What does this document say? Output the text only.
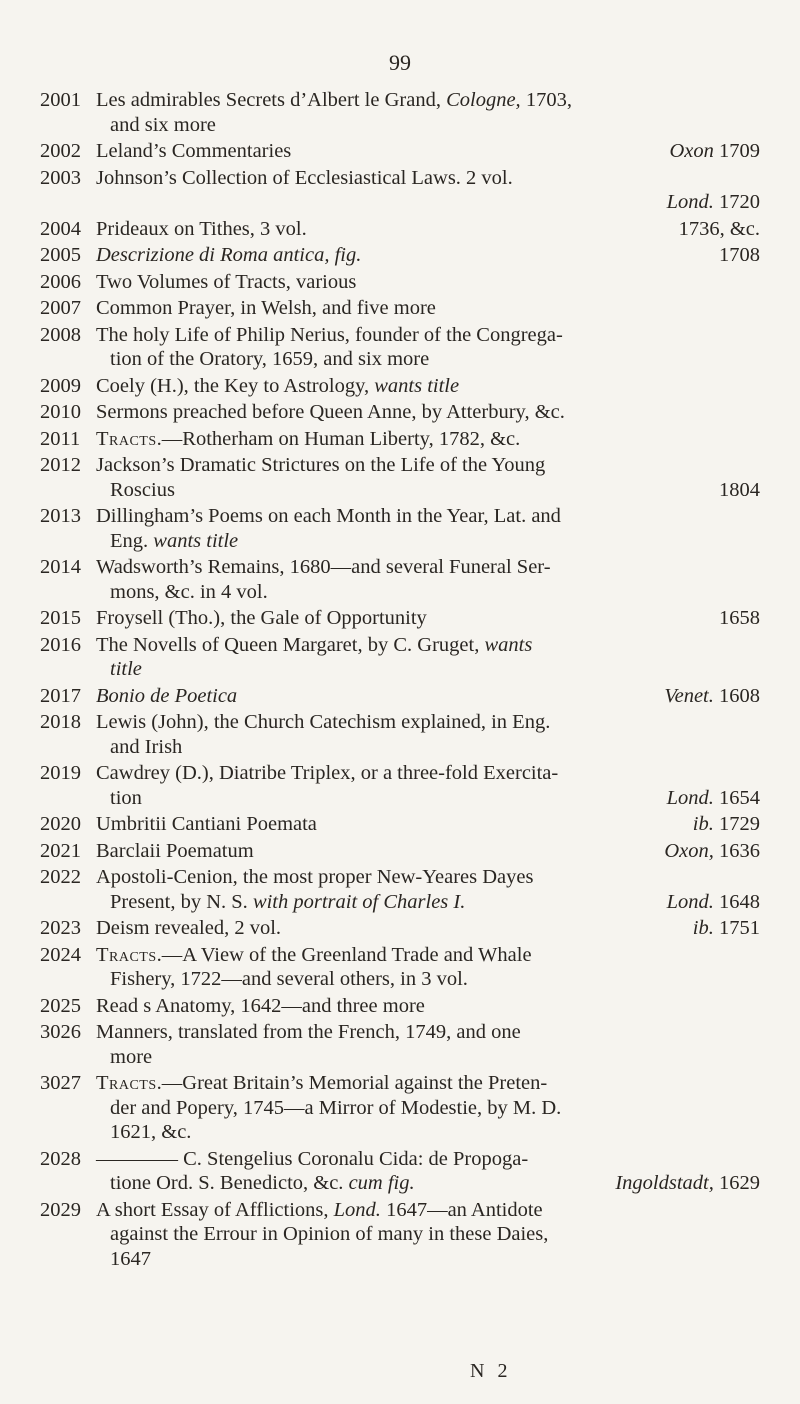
99
2001 Les admirables Secrets d’Albert le Grand, Cologne, 1703,
and six more
2002 Leland’s Commentaries	Oxon 1709
2003 Johnson’s Collection of Ecclesiastical Laws. 2 vol.
Lond. 1720
2004 Prideaux on Tithes, 3 vol.	1736, &c.
2005 Descrizione di Roma antica, fig.	1708
2006 Two Volumes of Tracts, various
2007 Common Prayer, in Welsh, and five more
2008 The holy Life of Philip Nerius, founder of the Congrega-
tion of the Oratory, 1659, and six more
2009 Coely (H.), the Key to Astrology, wants title
2010 Sermons preached before Queen Anne, by Atterbury, &c.
2011 Tracts.—Rotherham on Human Liberty, 1782, &c.
2012 Jackson’s Dramatic Strictures on the Life of the Young
Roscius	1804
2013 Dillingham’s Poems on each Month in the Year, Lat. and
Eng. wants title
2014 Wadsworth’s Remains, 1680—and several Funeral Ser-
mons, &c. in 4 vol.
2015 Froysell (Tho.), the Gale of Opportunity	1658
2016 The Novells of Queen Margaret, by C. Gruget, wants
title
2017 Bonio de Poetica	Venet. 1608
2018 Lewis (John), the Church Catechism explained, in Eng.
and Irish
2019 Cawdrey (D.), Diatribe Triplex, or a three-fold Exercita-
tion	Lond. 1654
2020 Umbritii Cantiani Poemata	ib. 1729
2021 Barclaii Poematum	Oxon, 1636
2022 Apostoli-Cenion, the most proper New-Yeares Dayes
Present, by N. S. with portrait of Charles I.	Lond. 1648
2023 Deism revealed, 2 vol.	ib. 1751
2024 Tracts.—A View of the Greenland Trade and Whale
Fishery, 1722—and several others, in 3 vol.
2025 Read s Anatomy, 1642—and three more
3026 Manners, translated from the French, 1749, and one
more
3027 Tracts.—Great Britain’s Memorial against the Preten-
der and Popery, 1745—a Mirror of Modestie, by M. D.
1621, &c.
2028 ———— C. Stengelius Coronalu Cida: de Propoga-
tione Ord. S. Benedicto, &c. cum fig.	Ingoldstadt, 1629
2029 A short Essay of Afflictions, Lond. 1647—an Antidote
against the Errour in Opinion of many in these Daies,
1647
N 2
